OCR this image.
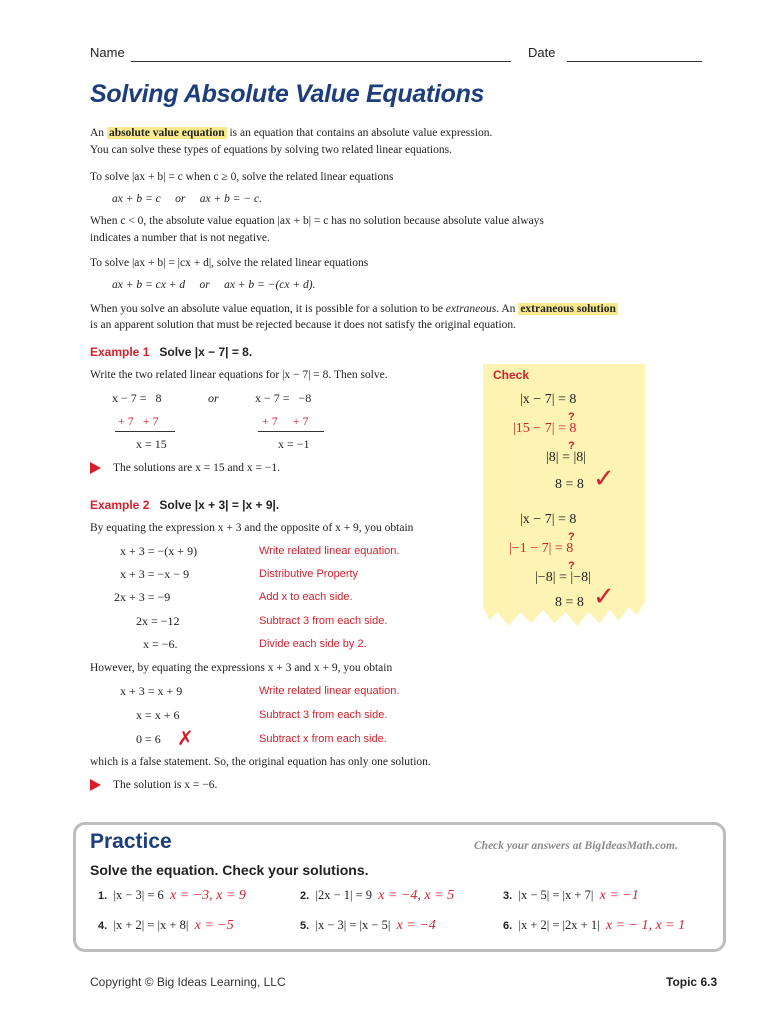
Name	Date
Solving Absolute Value Equations
An absolute value equation is an equation that contains an absolute value expression.
You can solve these types of equations by solving two related linear equations.
To solve |ax + b| = c when c ≥ 0, solve the related linear equations
ax + b = c     or     ax + b = − c.
When c < 0, the absolute value equation |ax + b| = c has no solution because absolute value always
indicates a number that is not negative.
To solve |ax + b| = |cx + d|, solve the related linear equations
ax + b = cx + d     or     ax + b = −(cx + d).
When you solve an absolute value equation, it is possible for a solution to be extraneous. An extraneous solution
is an apparent solution that must be rejected because it does not satisfy the original equation.
Example 1 Solve |x − 7| = 8.
Write the two related linear equations for |x − 7| = 8. Then solve.
x − 7 =   8	or	x − 7 =   −8
+ 7   + 7	+ 7     + 7
x = 15	x = −1
The solutions are x = 15 and x = −1.
Check
|x − 7| = 8
|15 − 7| = 8
?
|8| = |8|
?
8 = 8 ✓
|x − 7| = 8
|−1 − 7| = 8
?
|−8| = |−8|
?
8 = 8 ✓
Example 2 Solve |x + 3| = |x + 9|.
By equating the expression x + 3 and the opposite of x + 9, you obtain
x + 3 = −(x + 9)	Write related linear equation.
x + 3 = −x − 9	Distributive Property
2x + 3 = −9	Add x to each side.
2x = −12	Subtract 3 from each side.
x = −6.	Divide each side by 2.
However, by equating the expressions x + 3 and x + 9, you obtain
x + 3 = x + 9	Write related linear equation.
x = x + 6	Subtract 3 from each side.
0 = 6 ✗	Subtract x from each side.
which is a false statement. So, the original equation has only one solution.
The solution is x = −6.
Practice	Check your answers at BigIdeasMath.com.
Solve the equation. Check your solutions.
1. |x − 3| = 6 x = −3, x = 9	2. |2x − 1| = 9 x = −4, x = 5	3. |x − 5| = |x + 7| x = −1
4. |x + 2| = |x + 8| x = −5	5. |x − 3| = |x − 5| x = −4	6. |x + 2| = |2x + 1| x = − 1, x = 1
Copyright © Big Ideas Learning, LLC	Topic 6.3
